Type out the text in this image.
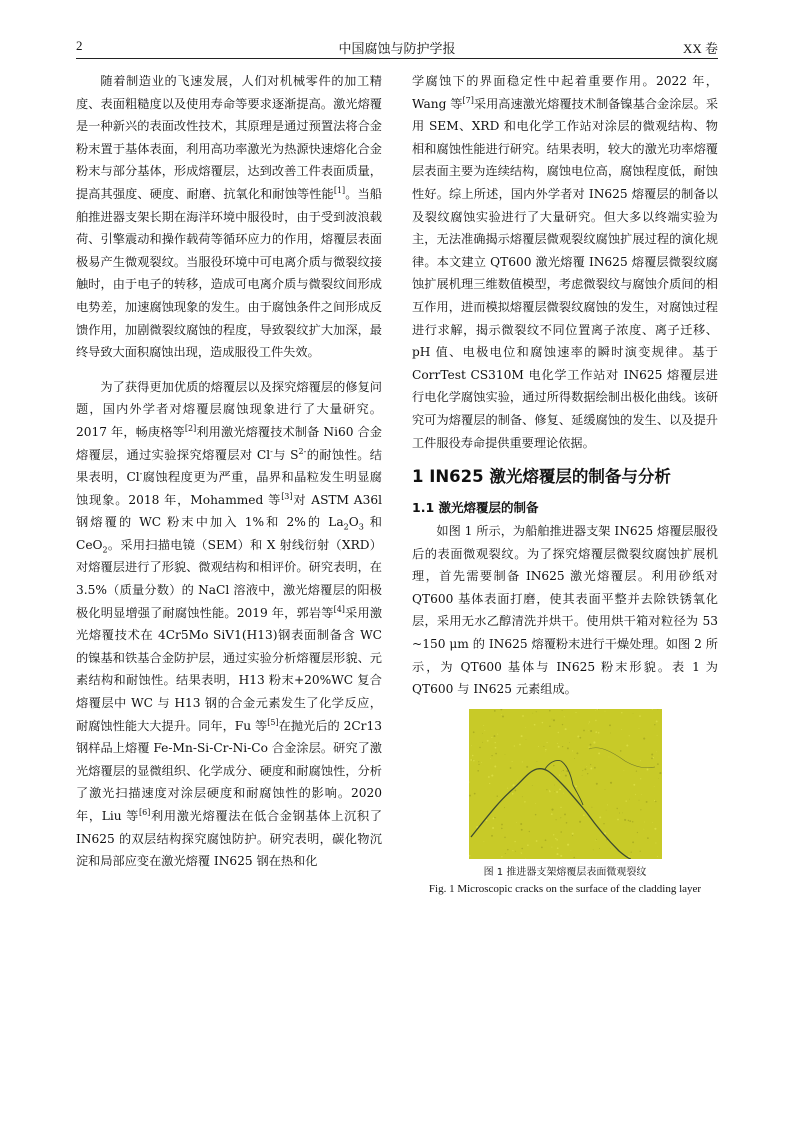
2	中国腐蚀与防护学报	XX 卷

随着制造业的飞速发展，人们对机械零件的加工精度、表面粗糙度以及使用寿命等要求逐渐提高。激光熔覆是一种新兴的表面改性技术，其原理是通过预置法将合金粉末置于基体表面，利用高功率激光为热源快速熔化合金粉末与部分基体，形成熔覆层，达到改善工件表面质量，提高其强度、硬度、耐磨、抗氧化和耐蚀等性能[1]。当船舶推进器支架长期在海洋环境中服役时，由于受到波浪载荷、引擎震动和操作载荷等循环应力的作用，熔覆层表面极易产生微观裂纹。当服役环境中可电离介质与微裂纹接触时，由于电子的转移，造成可电离介质与微裂纹间形成电势差，加速腐蚀现象的发生。由于腐蚀条件之间形成反馈作用，加剧微裂纹腐蚀的程度，导致裂纹扩大加深，最终导致大面积腐蚀出现，造成服役工件失效。

为了获得更加优质的熔覆层以及探究熔覆层的修复问题，国内外学者对熔覆层腐蚀现象进行了大量研究。2017 年，畅庚格等[2]利用激光熔覆技术制备 Ni60 合金熔覆层，通过实验探究熔覆层对 Cl-与 $S^{2-}$的耐蚀性。结果表明，Cl-腐蚀程度更为严重，晶界和晶粒发生明显腐蚀现象。2018 年，Mohammed 等[3]对 ASTM A36l 钢熔覆的 WC 粉末中加入 1%和 2%的 $La_2O_3$ 和 CeO$_2$。采用扫描电镜（SEM）和 X 射线衍射（XRD）对熔覆层进行了形貌、微观结构和相评价。研究表明，在 3.5%（质量分数）的 NaCl 溶液中，激光熔覆层的阳极极化明显增强了耐腐蚀性能。2019 年，郭岩等[4]采用激光熔覆技术在 4Cr5Mo SiV1(H13)钢表面制备含 WC 的镍基和铁基合金防护层，通过实验分析熔覆层形貌、元素结构和耐蚀性。结果表明，H13 粉末+20%WC 复合熔覆层中 WC 与 H13 钢的合金元素发生了化学反应，耐腐蚀性能大大提升。同年，Fu 等[5]在抛光后的 2Cr13 钢样品上熔覆 Fe-Mn-Si-Cr-Ni-Co 合金涂层。研究了激光熔覆层的显微组织、化学成分、硬度和耐腐蚀性，分析了激光扫描速度对涂层硬度和耐腐蚀性的影响。2020 年，Liu 等[6]利用激光熔覆法在低合金钢基体上沉积了 IN625 的双层结构探究腐蚀防护。研究表明，碳化物沉淀和局部应变在激光熔覆 IN625 钢在热和化

学腐蚀下的界面稳定性中起着重要作用。2022 年，Wang 等[7]采用高速激光熔覆技术制备镍基合金涂层。采用 SEM、XRD 和电化学工作站对涂层的微观结构、物相和腐蚀性能进行研究。结果表明，较大的激光功率熔覆层表面主要为连续结构，腐蚀电位高，腐蚀程度低，耐蚀性好。综上所述，国内外学者对 IN625 熔覆层的制备以及裂纹腐蚀实验进行了大量研究。但大多以终端实验为主，无法准确揭示熔覆层微观裂纹腐蚀扩展过程的演化规律。本文建立 QT600 激光熔覆 IN625 熔覆层微裂纹腐蚀扩展机理三维数值模型，考虑微裂纹与腐蚀介质间的相互作用，进而模拟熔覆层微裂纹腐蚀的发生，对腐蚀过程进行求解，揭示微裂纹不同位置离子浓度、离子迁移、pH 值、电极电位和腐蚀速率的瞬时演变规律。基于 CorrTest CS310M 电化学工作站对 IN625 熔覆层进行电化学腐蚀实验，通过所得数据绘制出极化曲线。该研究可为熔覆层的制备、修复、延缓腐蚀的发生、以及提升工件服役寿命提供重要理论依据。

1 IN625 激光熔覆层的制备与分析
1.1 激光熔覆层的制备

如图 1 所示，为船舶推进器支架 IN625 熔覆层服役后的表面微观裂纹。为了探究熔覆层微裂纹腐蚀扩展机理，首先需要制备 IN625 激光熔覆层。利用砂纸对 QT600 基体表面打磨，使其表面平整并去除铁锈氧化层，采用无水乙醇清洗并烘干。使用烘干箱对粒径为 53 ~150 μm 的 IN625 熔覆粉末进行干燥处理。如图 2 所示，为 QT600 基体与 IN625 粉末形貌。表 1 为 QT600 与 IN625 元素组成。

图 1 推进器支架熔覆层表面微观裂纹
Fig. 1 Microscopic cracks on the surface of the cladding layer
